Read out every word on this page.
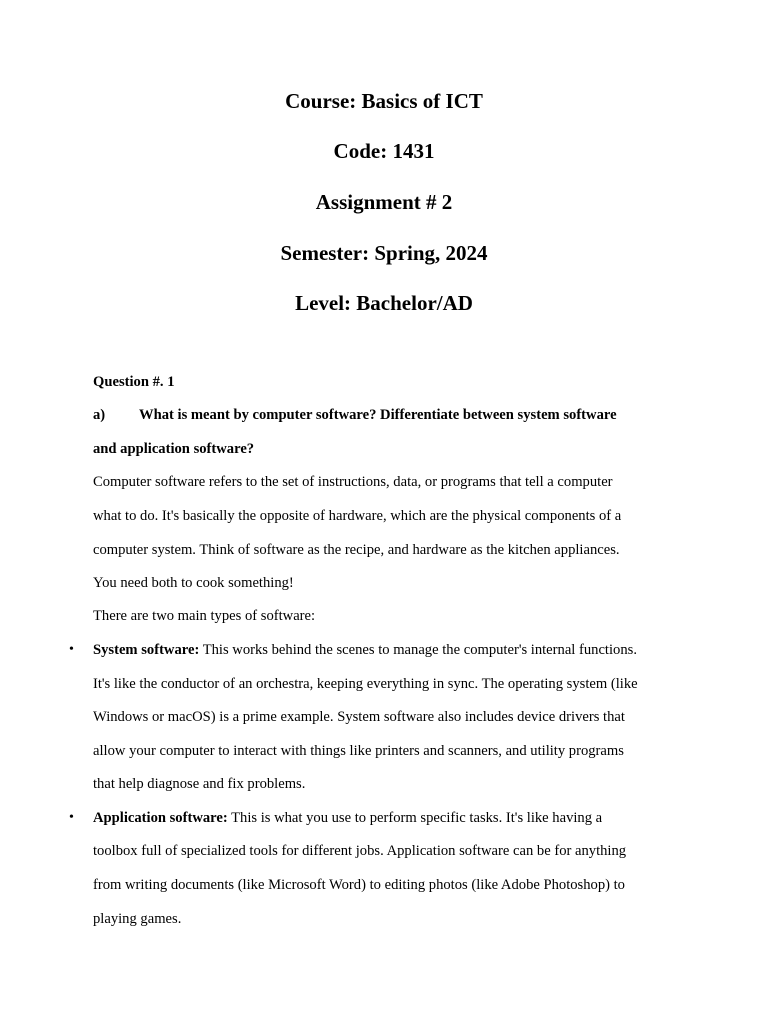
Course: Basics of ICT
Code: 1431
Assignment # 2
Semester: Spring, 2024
Level: Bachelor/AD

Question #. 1

a) What is meant by computer software? Differentiate between system software

and application software?

Computer software refers to the set of instructions, data, or programs that tell a computer

what to do. It's basically the opposite of hardware, which are the physical components of a

computer system. Think of software as the recipe, and hardware as the kitchen appliances.

You need both to cook something!

There are two main types of software:

• System software: This works behind the scenes to manage the computer's internal functions.

It's like the conductor of an orchestra, keeping everything in sync. The operating system (like

Windows or macOS) is a prime example. System software also includes device drivers that

allow your computer to interact with things like printers and scanners, and utility programs

that help diagnose and fix problems.

• Application software: This is what you use to perform specific tasks. It's like having a

toolbox full of specialized tools for different jobs. Application software can be for anything

from writing documents (like Microsoft Word) to editing photos (like Adobe Photoshop) to

playing games.
